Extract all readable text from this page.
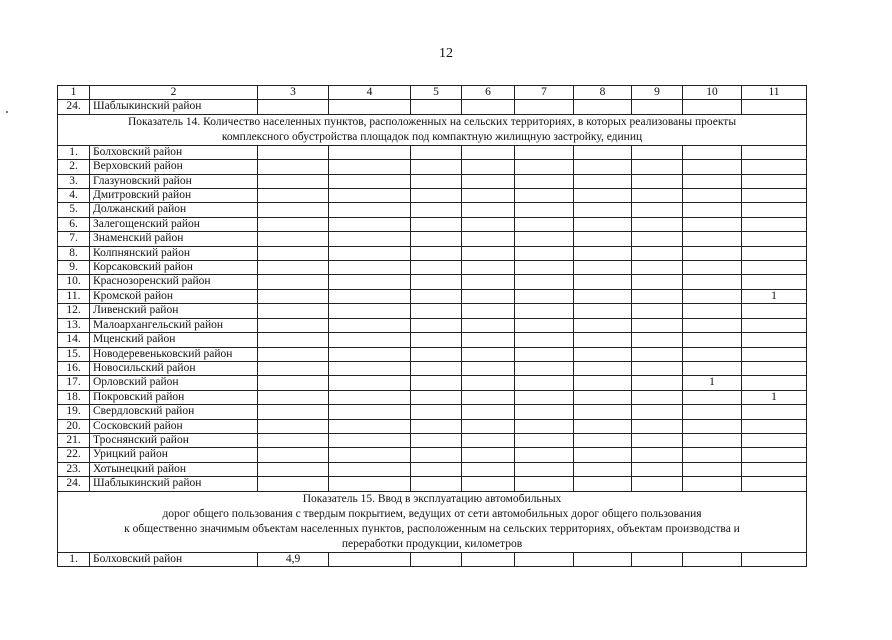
12
1	2	3	4	5	6	7	8	9	10	11
24.	Шаблыкинский район									
Показатель 14. Количество населенных пунктов, расположенных на сельских территориях, в которых реализованы проекты
комплексного обустройства площадок под компактную жилищную застройку, единиц										
1.	Болховский район									
2.	Верховский район									
3.	Глазуновский район									
4.	Дмитровский район									
5.	Должанский район									
6.	Залегощенский район									
7.	Знаменский район									
8.	Колпнянский район									
9.	Корсаковский район									
10.	Краснозоренский район									
11.	Кромской район									1
12.	Ливенский район									
13.	Малоархангельский район									
14.	Мценский район									
15.	Новодеревеньковский район									
16.	Новосильский район									
17.	Орловский район								1	
18.	Покровский район									1
19.	Свердловский район									
20.	Сосковский район									
21.	Троснянский район									
22.	Урицкий район									
23.	Хотынецкий район									
24.	Шаблыкинский район									
Показатель 15. Ввод в эксплуатацию автомобильных
дорог общего пользования с твердым покрытием, ведущих от сети автомобильных дорог общего пользования
к общественно значимым объектам населенных пунктов, расположенным на сельских территориях, объектам производства и
переработки продукции, километров										
1.	Болховский район	4,9								
